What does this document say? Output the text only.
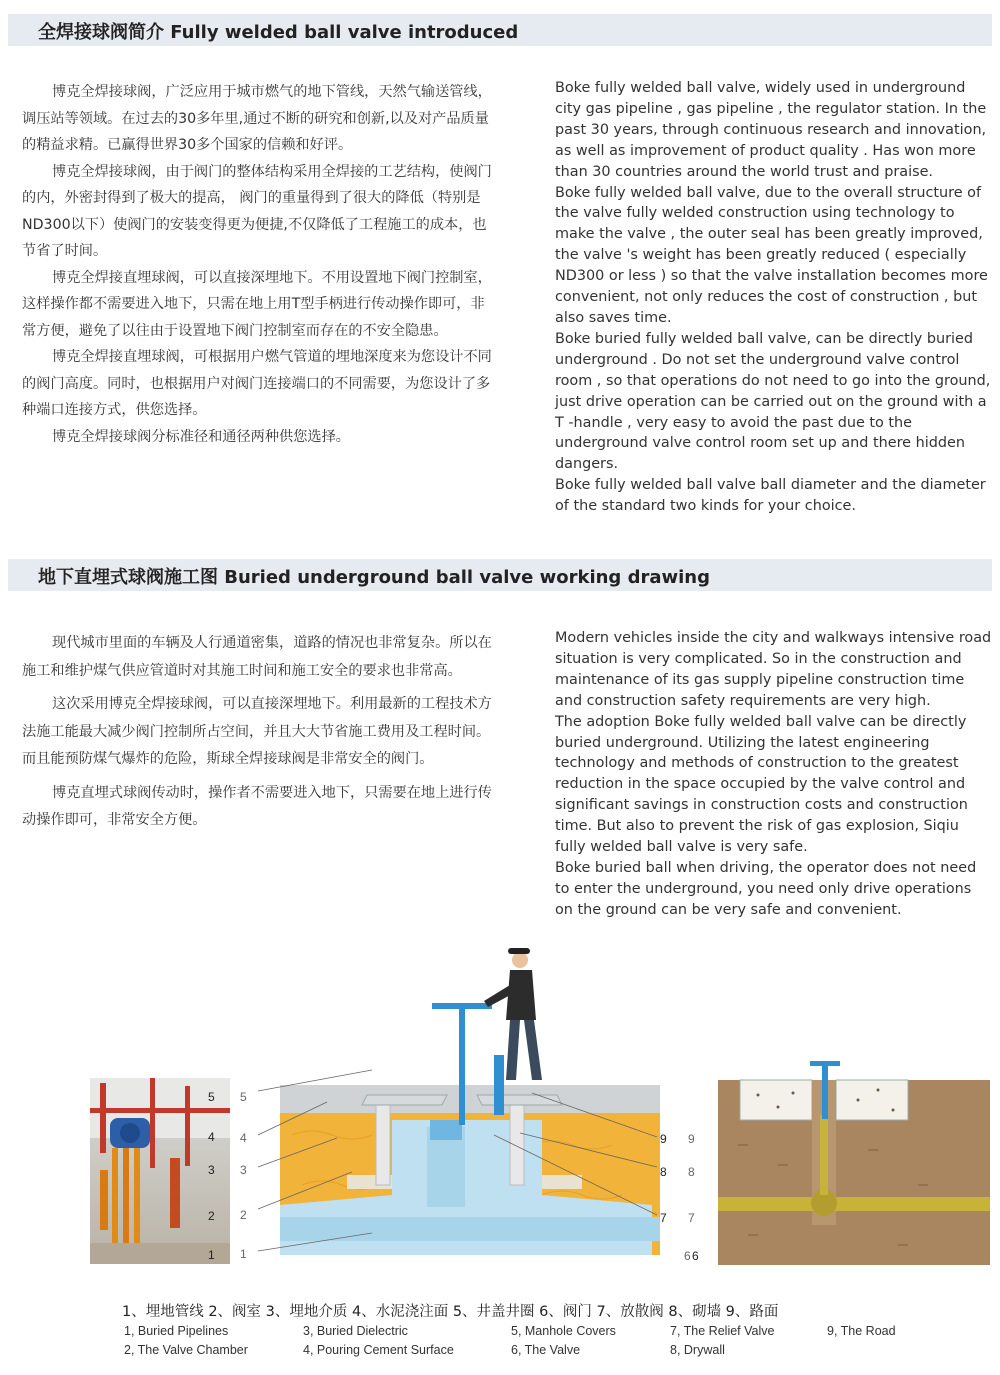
全焊接球阀简介 Fully welded ball valve introduced

博克全焊接球阀，广泛应用于城市燃气的地下管线，天然气输送管线，调压站等领域。在过去的30多年里,通过不断的研究和创新,以及对产品质量的精益求精。已赢得世界30多个国家的信赖和好评。

博克全焊接球阀，由于阀门的整体结构采用全焊接的工艺结构，使阀门的内，外密封得到了极大的提高， 阀门的重量得到了很大的降低（特别是ND300以下）使阀门的安装变得更为便捷,不仅降低了工程施工的成本，也节省了时间。

博克全焊接直埋球阀，可以直接深埋地下。不用设置地下阀门控制室，这样操作都不需要进入地下，只需在地上用T型手柄进行传动操作即可，非常方便，避免了以往由于设置地下阀门控制室而存在的不安全隐患。

博克全焊接直埋球阀，可根据用户燃气管道的埋地深度来为您设计不同的阀门高度。同时，也根据用户对阀门连接端口的不同需要，为您设计了多种端口连接方式，供您选择。

博克全焊接球阀分标准径和通径两种供您选择。

Boke fully welded ball valve, widely used in underground city gas pipeline , gas pipeline , the regulator station. In the past 30 years, through continuous research and innovation, as well as improvement of product quality . Has won more than 30 countries around the world trust and praise.

Boke fully welded ball valve, due to the overall structure of the valve fully welded construction using technology to make the valve , the outer seal has been greatly improved, the valve 's weight has been greatly reduced ( especially ND300 or less ) so that the valve installation becomes more convenient, not only reduces the cost of construction , but also saves time.

Boke buried fully welded ball valve, can be directly buried underground . Do not set the underground valve control room , so that operations do not need to go into the ground, just drive operation can be carried out on the ground with a T -handle , very easy to avoid the past due to the underground valve control room set up and there hidden dangers.

Boke fully welded ball valve ball diameter and the diameter of the standard two kinds for your choice.

地下直埋式球阀施工图 Buried underground ball valve working drawing

现代城市里面的车辆及人行通道密集，道路的情况也非常复杂。所以在施工和维护煤气供应管道时对其施工时间和施工安全的要求也非常高。

这次采用博克全焊接球阀，可以直接深埋地下。利用最新的工程技术方法施工能最大减少阀门控制所占空间，并且大大节省施工费用及工程时间。而且能预防煤气爆炸的危险，斯球全焊接球阀是非常安全的阀门。

博克直埋式球阀传动时，操作者不需要进入地下，只需要在地上进行传动操作即可，非常安全方便。

Modern vehicles inside the city and walkways intensive road situation is very complicated. So in the construction and maintenance of its gas supply pipeline construction time and construction safety requirements are very high.

The adoption Boke fully welded ball valve can be directly buried underground. Utilizing the latest engineering technology and methods of construction to the greatest reduction in the space occupied by the valve control and significant savings in construction costs and construction time. But also to prevent the risk of gas explosion, Siqiu fully welded ball valve is very safe.

Boke buried ball when driving, the operator does not need to enter the underground, you need only drive operations on the ground can be very safe and convenient.

5
4
3
2
1
5
4
3
2
1
9
8
7
9
8
7
6
6
1、埋地管线 2、阀室 3、埋地介质 4、水泥浇注面 5、井盖井圈 6、阀门 7、放散阀 8、砌墙 9、路面
1, Buried Pipelines
2, The Valve Chamber
3, Buried Dielectric
4, Pouring Cement Surface
5, Manhole Covers
6, The Valve
7, The Relief Valve
8, Drywall
9, The Road
